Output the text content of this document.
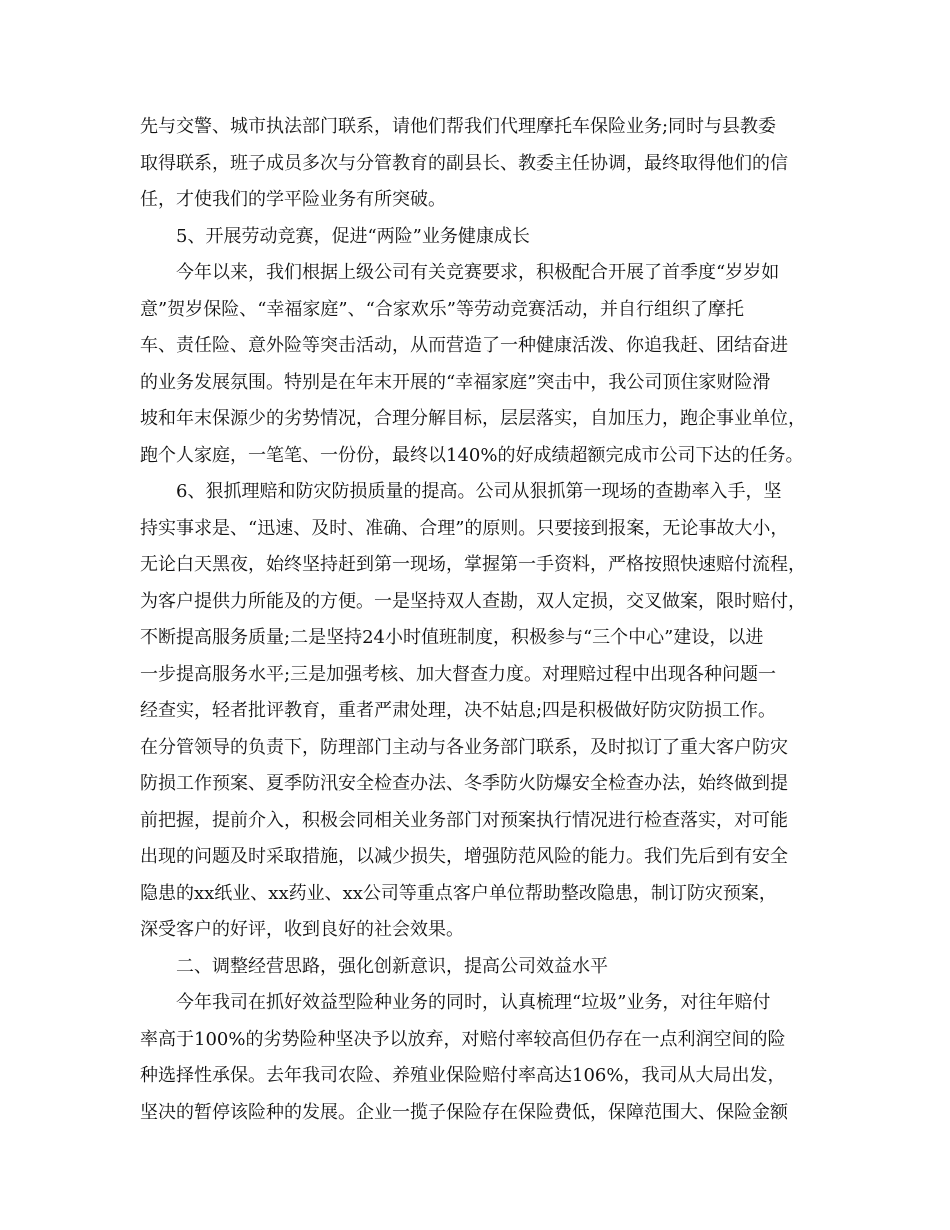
先与交警、城市执法部门联系，请他们帮我们代理摩托车保险业务;同时与县教委
取得联系，班子成员多次与分管教育的副县长、教委主任协调，最终取得他们的信
任，才使我们的学平险业务有所突破。
5、开展劳动竞赛，促进“两险”业务健康成长
今年以来，我们根据上级公司有关竞赛要求，积极配合开展了首季度“岁岁如
意”贺岁保险、“幸福家庭”、“合家欢乐”等劳动竞赛活动，并自行组织了摩托
车、责任险、意外险等突击活动，从而营造了一种健康活泼、你追我赶、团结奋进
的业务发展氛围。特别是在年末开展的“幸福家庭”突击中，我公司顶住家财险滑
坡和年末保源少的劣势情况，合理分解目标，层层落实，自加压力，跑企事业单位，
跑个人家庭，一笔笔、一份份，最终以140%的好成绩超额完成市公司下达的任务。
6、狠抓理赔和防灾防损质量的提高。公司从狠抓第一现场的查勘率入手，坚
持实事求是、“迅速、及时、准确、合理”的原则。只要接到报案，无论事故大小，
无论白天黑夜，始终坚持赶到第一现场，掌握第一手资料，严格按照快速赔付流程，
为客户提供力所能及的方便。一是坚持双人查勘，双人定损，交叉做案，限时赔付，
不断提高服务质量;二是坚持24小时值班制度，积极参与“三个中心”建设，以进
一步提高服务水平;三是加强考核、加大督查力度。对理赔过程中出现各种问题一
经查实，轻者批评教育，重者严肃处理，决不姑息;四是积极做好防灾防损工作。
在分管领导的负责下，防理部门主动与各业务部门联系，及时拟订了重大客户防灾
防损工作预案、夏季防汛安全检查办法、冬季防火防爆安全检查办法，始终做到提
前把握，提前介入，积极会同相关业务部门对预案执行情况进行检查落实，对可能
出现的问题及时采取措施，以减少损失，增强防范风险的能力。我们先后到有安全
隐患的xx纸业、xx药业、xx公司等重点客户单位帮助整改隐患，制订防灾预案，
深受客户的好评，收到良好的社会效果。
二、调整经营思路，强化创新意识，提高公司效益水平
今年我司在抓好效益型险种业务的同时，认真梳理“垃圾”业务，对往年赔付
率高于100%的劣势险种坚决予以放弃，对赔付率较高但仍存在一点利润空间的险
种选择性承保。去年我司农险、养殖业保险赔付率高达106%，我司从大局出发，
坚决的暂停该险种的发展。企业一揽子保险存在保险费低，保障范围大、保险金额
